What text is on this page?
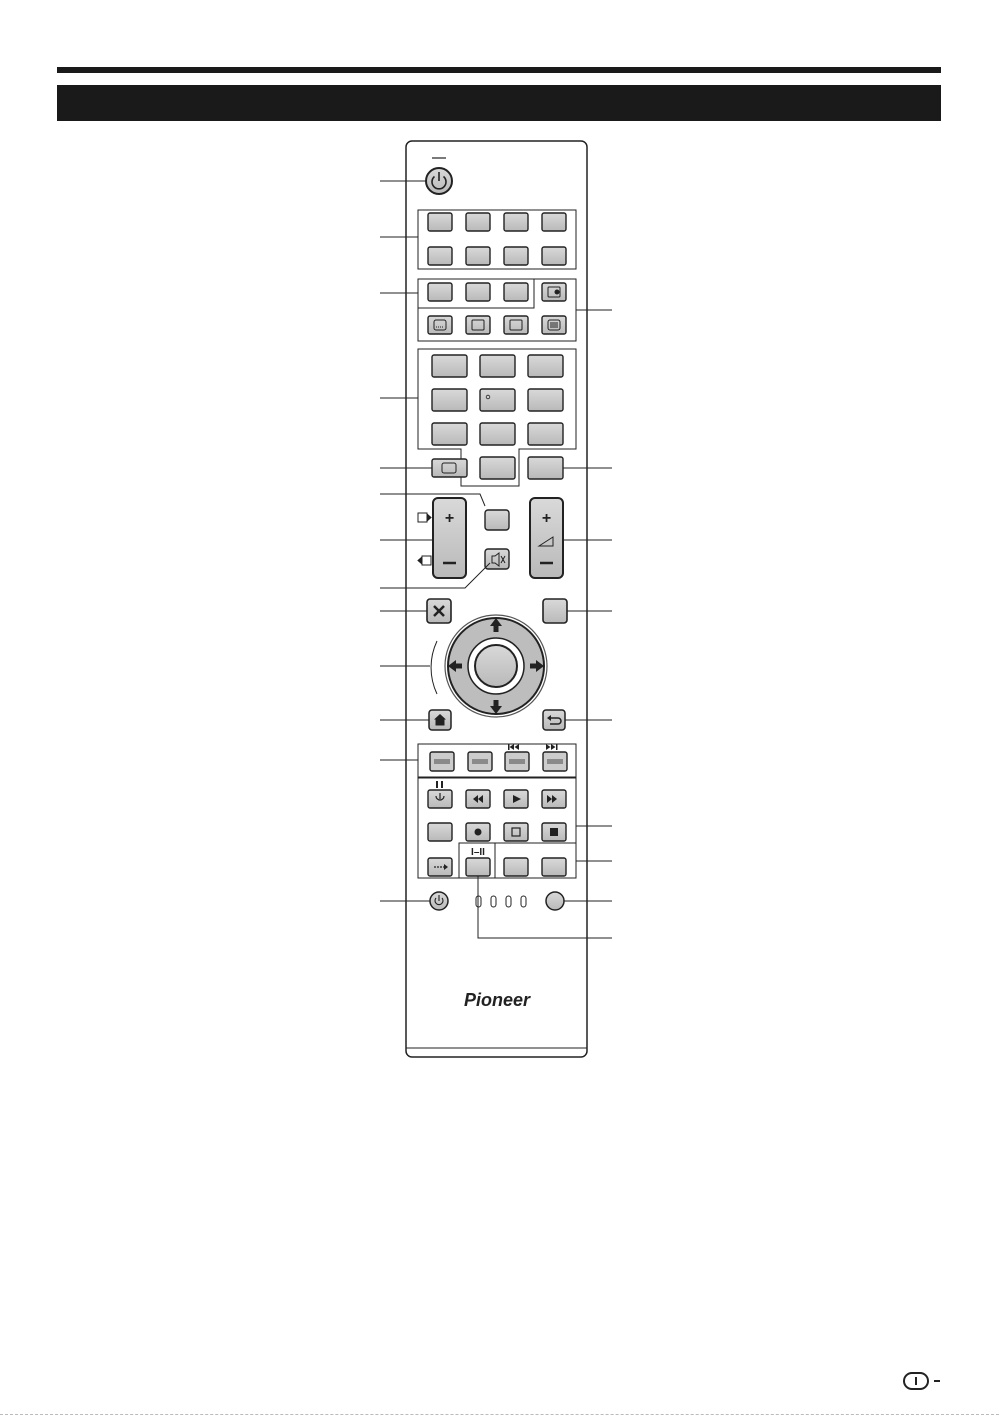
+	+
I–II
Pioneer
